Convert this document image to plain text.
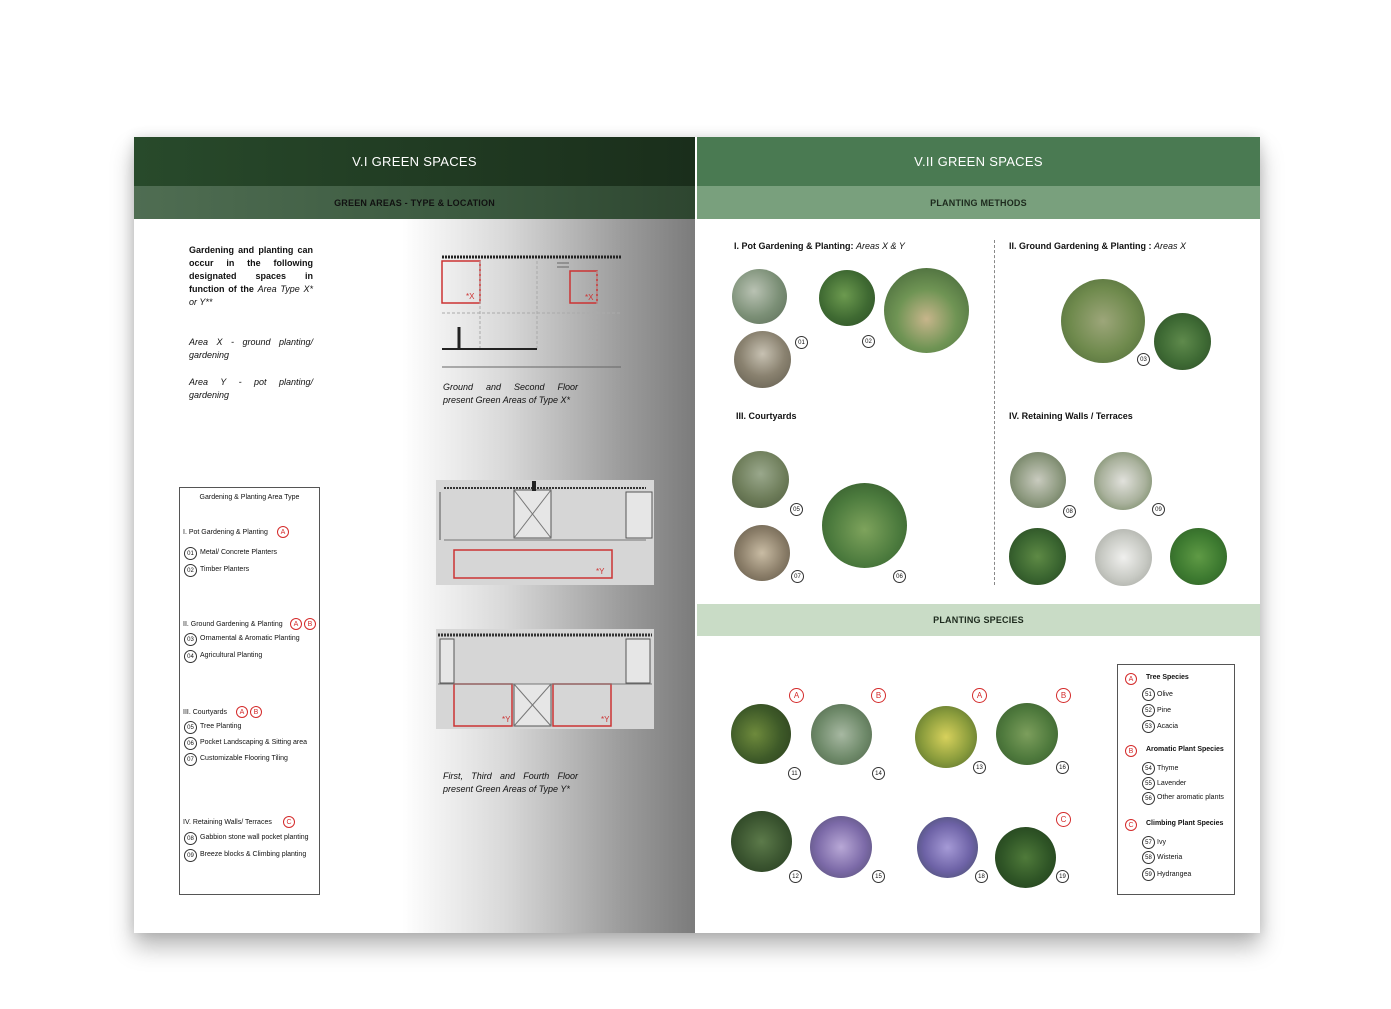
V.I GREEN SPACES
GREEN AREAS - TYPE & LOCATION
V.II GREEN SPACES
PLANTING METHODS
Gardening and planting can occur in the following designated spaces in function of the Area Type X* or Y**
Area X - ground planting/ gardening
Area Y - pot planting/ gardening
*X	*X
Ground and Second Floor present Green Areas of Type X*
*Y
*Y	*Y
First, Third and Fourth Floor present Green Areas of Type Y*
Gardening & Planting Area Type
I. Pot Gardening & Planting	A
01 Metal/ Concrete Planters
02 Timber Planters
II. Ground Gardening & Planting	A	B
03 Ornamental & Aromatic Planting
04 Agricultural Planting
III. Courtyards	A	B
05 Tree Planting
06 Pocket Landscaping & Sitting area
07 Customizable Flooring Tiling
IV. Retaining Walls/ Terraces	C
08 Gabbion stone wall pocket planting
09 Breeze blocks & Climbing planting
I. Pot Gardening & Planting: Areas X & Y	II. Ground Gardening & Planting : Areas X
III. Courtyards	IV. Retaining Walls / Terraces
01	02
03
05
06
07
08	09
PLANTING SPECIES
A	B	A	B
C
11
12
13
14
15
16
18	19
A	Tree Species
51 Olive
52 Pine
53 Acacia
B	Aromatic Plant Species
54 Thyme
55 Lavender
56 Other aromatic plants
C	Climbing Plant Species
57 Ivy
58 Wisteria
59 Hydrangea
